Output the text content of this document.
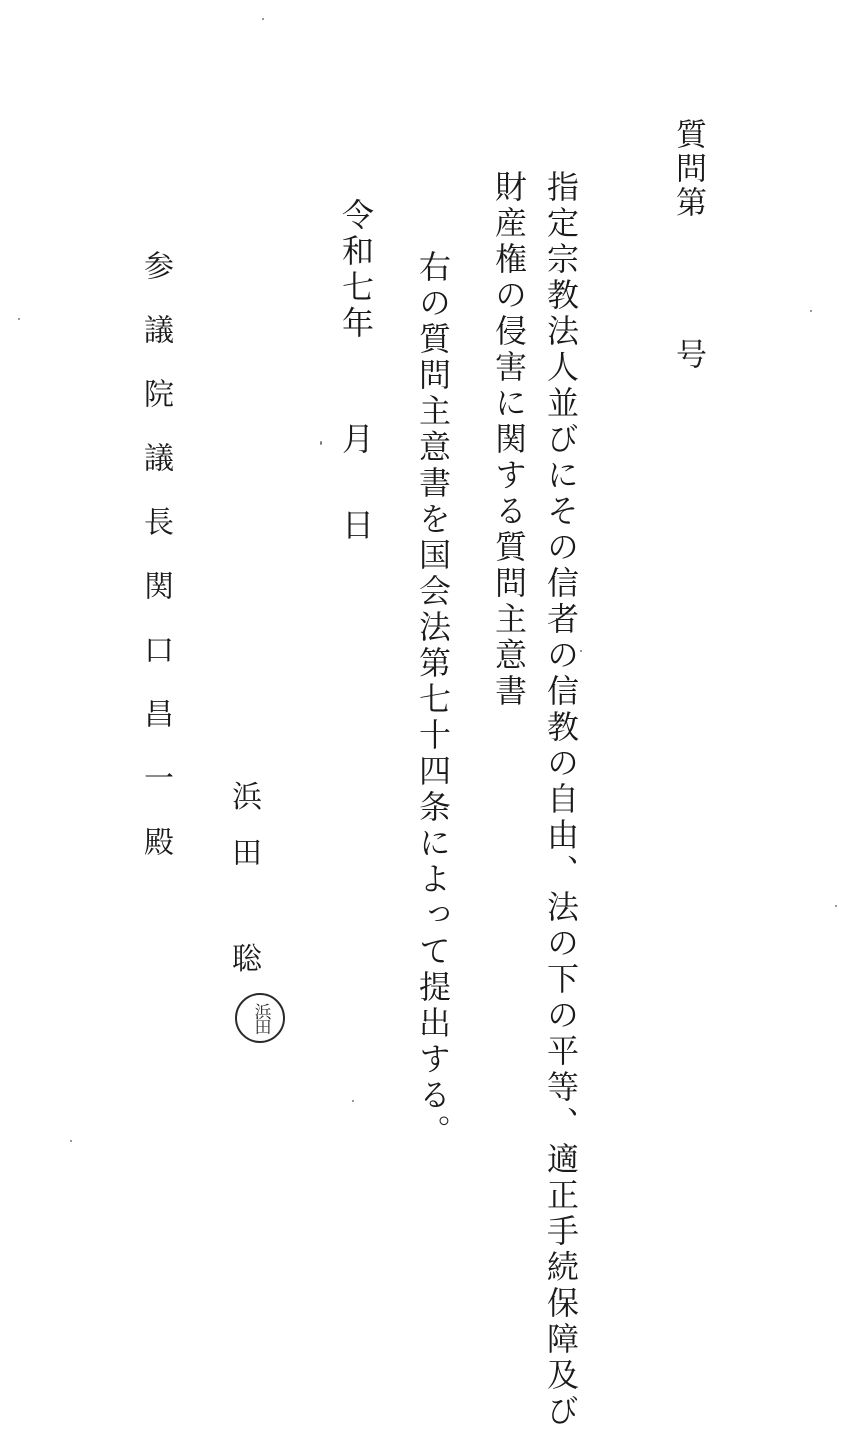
質問第号
指定宗教法人並びにその信者の信教の自由、法の下の平等、適正手続保障及び
財産権の侵害に関する質問主意書
右の質問主意書を国会法第七十四条によって提出する。
令和七年月日
浜
田
聡
浜田
参議院議長関口昌一殿
